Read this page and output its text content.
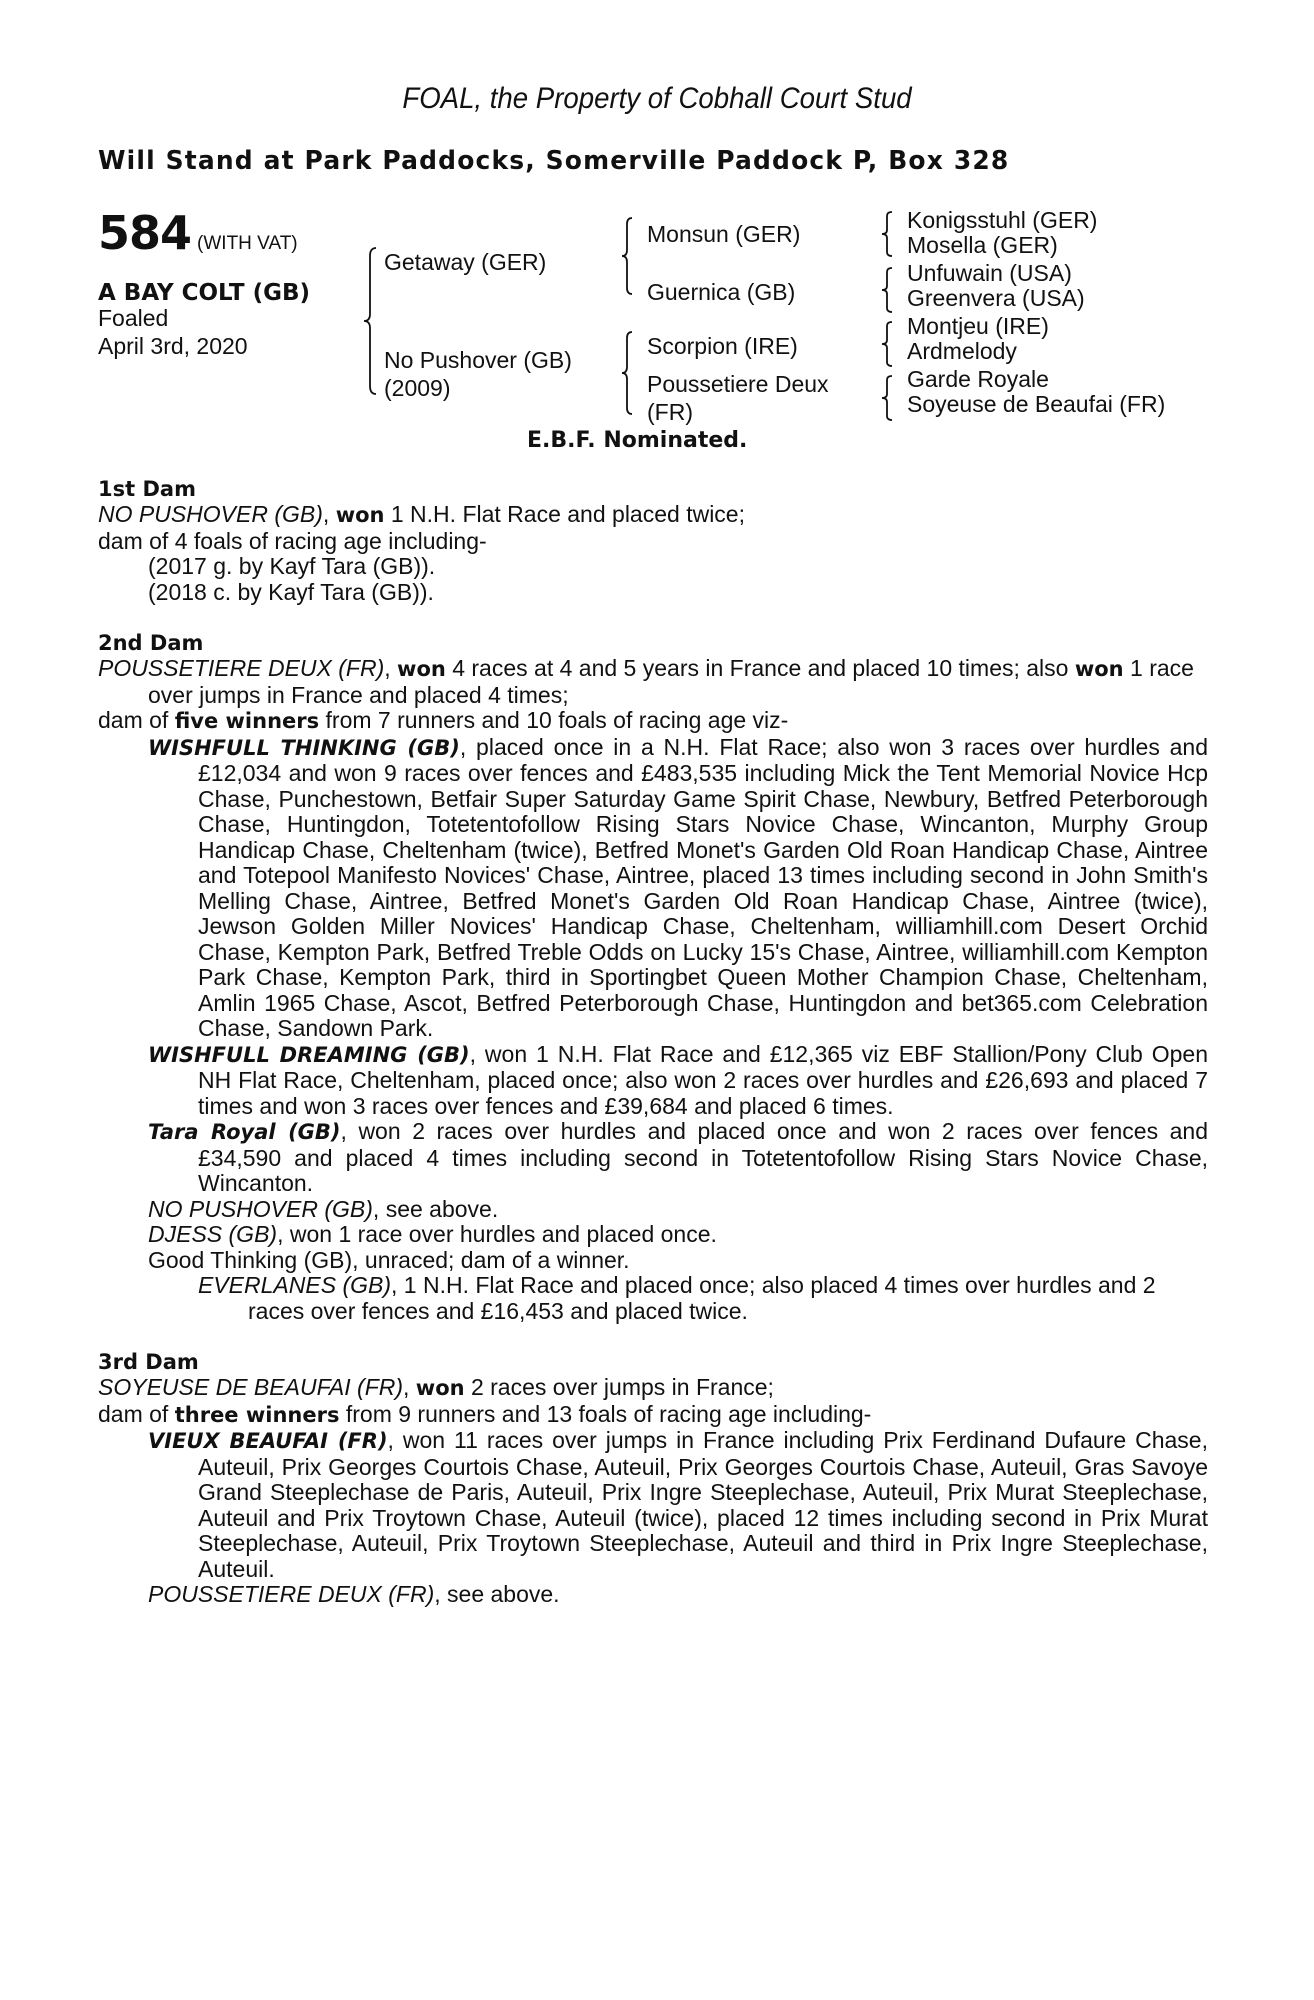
FOAL, the Property of Cobhall Court Stud
Will Stand at Park Paddocks, Somerville Paddock P, Box 328
584 (WITH VAT)
A BAY COLT (GB)
Foaled
April 3rd, 2020
Getaway (GER)
No Pushover (GB)
(2009)
Monsun (GER)
Guernica (GB)
Scorpion (IRE)
Poussetiere Deux
(FR)
Konigsstuhl (GER)
Mosella (GER)
Unfuwain (USA)
Greenvera (USA)
Montjeu (IRE)
Ardmelody
Garde Royale
Soyeuse de Beaufai (FR)
E.B.F. Nominated.

1st Dam

NO PUSHOVER (GB), won 1 N.H. Flat Race and placed twice;

dam of 4 foals of racing age including-

(2017 g. by Kayf Tara (GB)).

(2018 c. by Kayf Tara (GB)).

2nd Dam

POUSSETIERE DEUX (FR), won 4 races at 4 and 5 years in France and placed 10 times; also won 1 race over jumps in France and placed 4 times;

dam of five winners from 7 runners and 10 foals of racing age viz-

WISHFULL THINKING (GB), placed once in a N.H. Flat Race; also won 3 races over hurdles and £12,034 and won 9 races over fences and £483,535 including Mick the Tent Memorial Novice Hcp Chase, Punchestown, Betfair Super Saturday Game Spirit Chase, Newbury, Betfred Peterborough Chase, Huntingdon, Totetentofollow Rising Stars Novice Chase, Wincanton, Murphy Group Handicap Chase, Cheltenham (twice), Betfred Monet's Garden Old Roan Handicap Chase, Aintree and Totepool Manifesto Novices' Chase, Aintree, placed 13 times including second in John Smith's Melling Chase, Aintree, Betfred Monet's Garden Old Roan Handicap Chase, Aintree (twice), Jewson Golden Miller Novices' Handicap Chase, Cheltenham, williamhill.com Desert Orchid Chase, Kempton Park, Betfred Treble Odds on Lucky 15's Chase, Aintree, williamhill.com Kempton Park Chase, Kempton Park, third in Sportingbet Queen Mother Champion Chase, Cheltenham, Amlin 1965 Chase, Ascot, Betfred Peterborough Chase, Huntingdon and bet365.com Celebration Chase, Sandown Park.

WISHFULL DREAMING (GB), won 1 N.H. Flat Race and £12,365 viz EBF Stallion/Pony Club Open NH Flat Race, Cheltenham, placed once; also won 2 races over hurdles and £26,693 and placed 7 times and won 3 races over fences and £39,684 and placed 6 times.

Tara Royal (GB), won 2 races over hurdles and placed once and won 2 races over fences and £34,590 and placed 4 times including second in Totetentofollow Rising Stars Novice Chase, Wincanton.

NO PUSHOVER (GB), see above.

DJESS (GB), won 1 race over hurdles and placed once.

Good Thinking (GB), unraced; dam of a winner.

EVERLANES (GB), 1 N.H. Flat Race and placed once; also placed 4 times over hurdles and 2 races over fences and £16,453 and placed twice.

3rd Dam

SOYEUSE DE BEAUFAI (FR), won 2 races over jumps in France;

dam of three winners from 9 runners and 13 foals of racing age including-

VIEUX BEAUFAI (FR), won 11 races over jumps in France including Prix Ferdinand Dufaure Chase, Auteuil, Prix Georges Courtois Chase, Auteuil, Prix Georges Courtois Chase, Auteuil, Gras Savoye Grand Steeplechase de Paris, Auteuil, Prix Ingre Steeplechase, Auteuil, Prix Murat Steeplechase, Auteuil and Prix Troytown Chase, Auteuil (twice), placed 12 times including second in Prix Murat Steeplechase, Auteuil, Prix Troytown Steeplechase, Auteuil and third in Prix Ingre Steeplechase, Auteuil.

POUSSETIERE DEUX (FR), see above.
